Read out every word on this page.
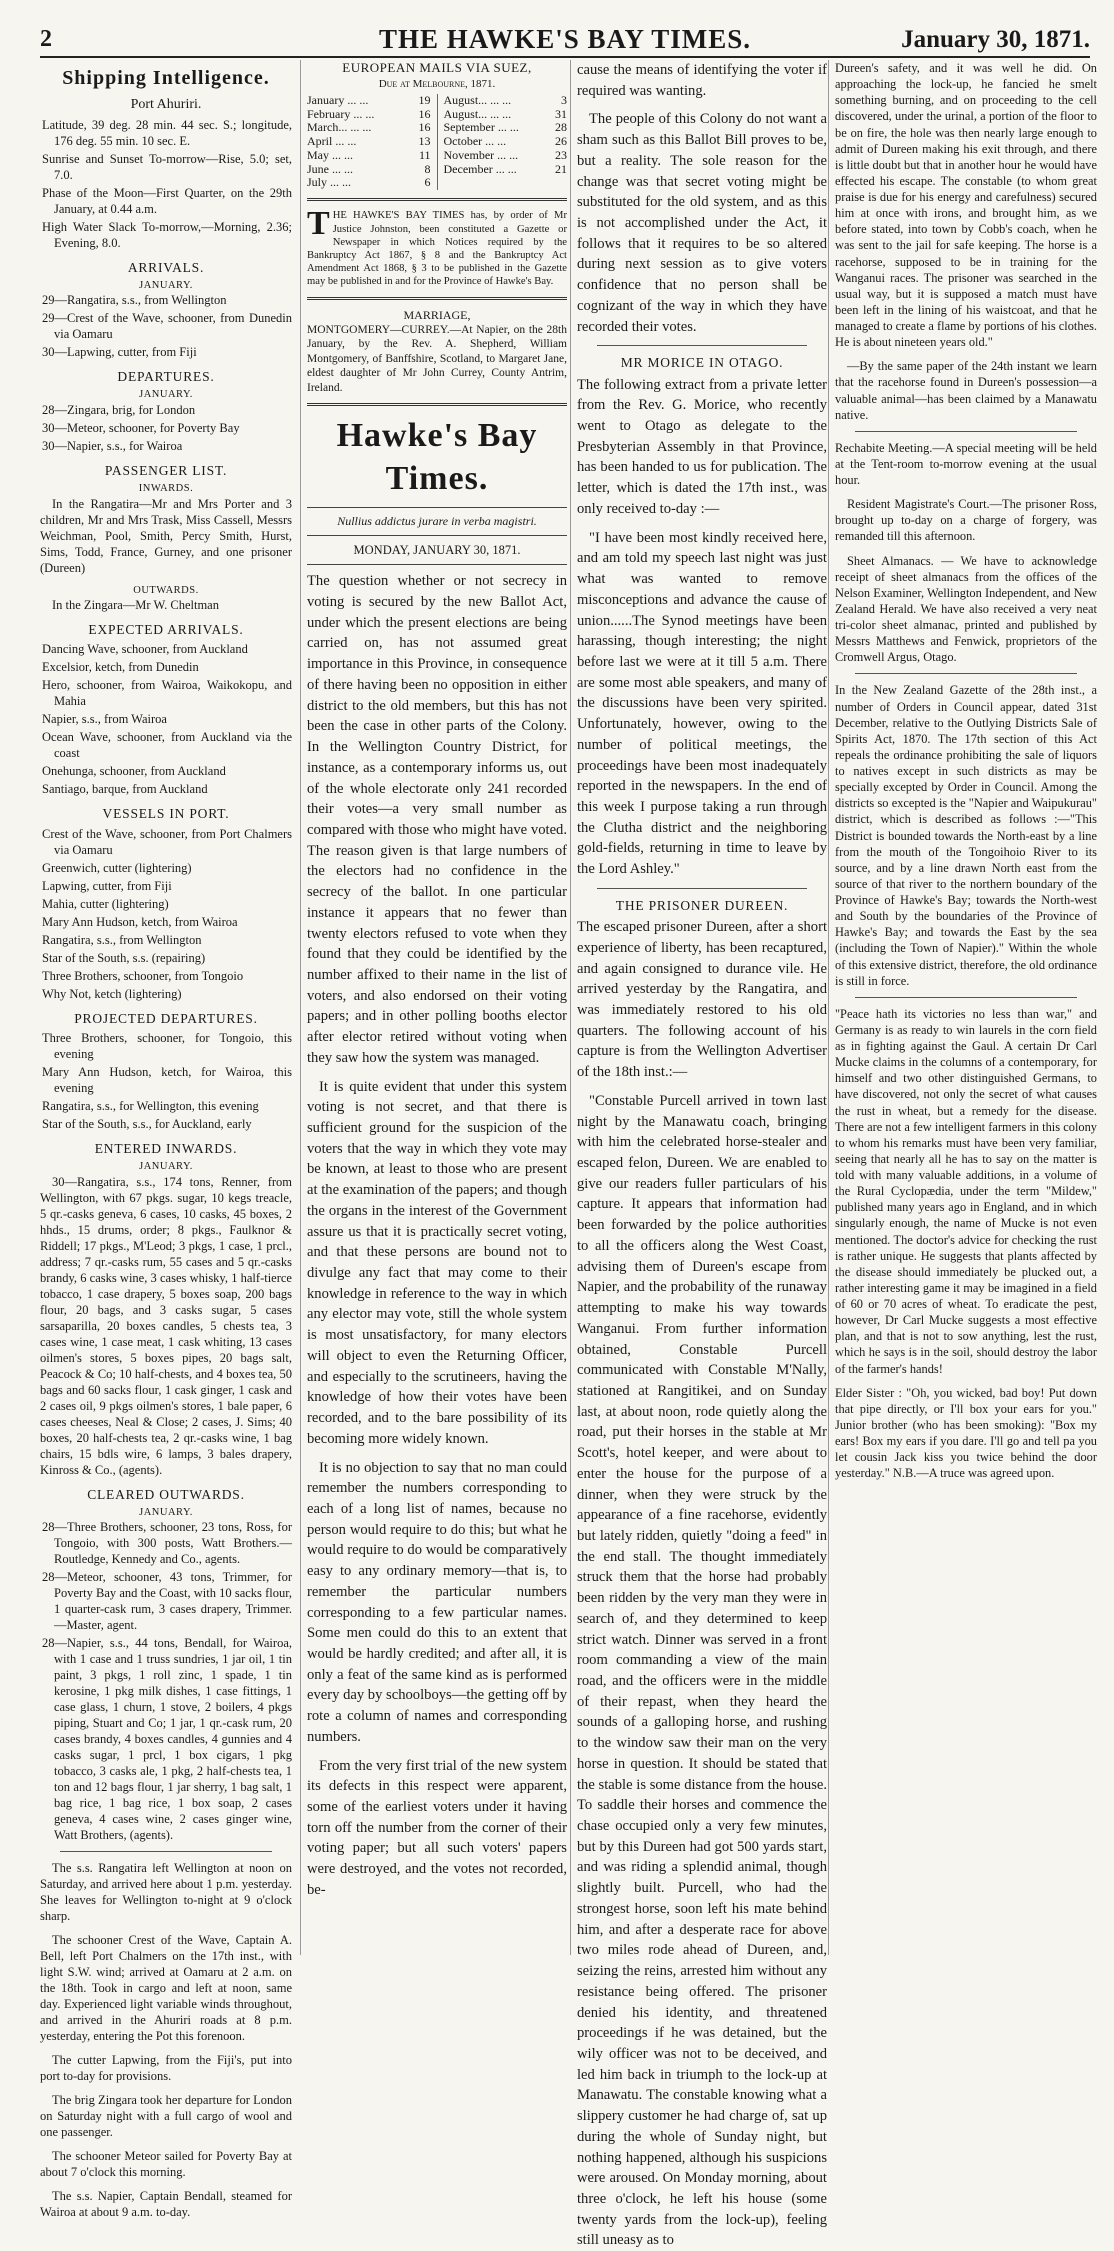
2	THE HAWKE'S BAY TIMES.	January 30, 1871.
Shipping Intelligence.
Port Ahuriri.
Latitude, 39 deg. 28 min. 44 sec. S.; longitude, 176 deg. 55 min. 10 sec. E.
Sunrise and Sunset To-morrow—Rise, 5.0; set, 7.0.
Phase of the Moon—First Quarter, on the 29th January, at 0.44 a.m.
High Water Slack To-morrow,—Morning, 2.36; Evening, 8.0.
ARRIVALS.
JANUARY.
29—Rangatira, s.s., from Wellington
29—Crest of the Wave, schooner, from Dunedin via Oamaru
30—Lapwing, cutter, from Fiji
DEPARTURES.
JANUARY.
28—Zingara, brig, for London
30—Meteor, schooner, for Poverty Bay
30—Napier, s.s., for Wairoa
PASSENGER LIST.
INWARDS.

In the Rangatira—Mr and Mrs Porter and 3 children, Mr and Mrs Trask, Miss Cassell, Messrs Weichman, Pool, Smith, Percy Smith, Hurst, Sims, Todd, France, Gurney, and one prisoner (Dureen)

OUTWARDS.

In the Zingara—Mr W. Cheltman

EXPECTED ARRIVALS.
Dancing Wave, schooner, from Auckland
Excelsior, ketch, from Dunedin
Hero, schooner, from Wairoa, Waikokopu, and Mahia
Napier, s.s., from Wairoa
Ocean Wave, schooner, from Auckland via the coast
Onehunga, schooner, from Auckland
Santiago, barque, from Auckland
VESSELS IN PORT.
Crest of the Wave, schooner, from Port Chalmers via Oamaru
Greenwich, cutter (lightering)
Lapwing, cutter, from Fiji
Mahia, cutter (lightering)
Mary Ann Hudson, ketch, from Wairoa
Rangatira, s.s., from Wellington
Star of the South, s.s. (repairing)
Three Brothers, schooner, from Tongoio
Why Not, ketch (lightering)
PROJECTED DEPARTURES.
Three Brothers, schooner, for Tongoio, this evening
Mary Ann Hudson, ketch, for Wairoa, this evening
Rangatira, s.s., for Wellington, this evening
Star of the South, s.s., for Auckland, early
ENTERED INWARDS.
JANUARY.

30—Rangatira, s.s., 174 tons, Renner, from Wellington, with 67 pkgs. sugar, 10 kegs treacle, 5 qr.-casks geneva, 6 cases, 10 casks, 45 boxes, 2 hhds., 15 drums, order; 8 pkgs., Faulknor & Riddell; 17 pkgs., M'Leod; 3 pkgs, 1 case, 1 prcl., address; 7 qr.-casks rum, 55 cases and 5 qr.-casks brandy, 6 casks wine, 3 cases whisky, 1 half-tierce tobacco, 1 case drapery, 5 boxes soap, 200 bags flour, 20 bags, and 3 casks sugar, 5 cases sarsaparilla, 20 boxes candles, 5 chests tea, 3 cases wine, 1 case meat, 1 cask whiting, 13 cases oilmen's stores, 5 boxes pipes, 20 bags salt, Peacock & Co; 10 half-chests, and 4 boxes tea, 50 bags and 60 sacks flour, 1 cask ginger, 1 cask and 2 cases oil, 9 pkgs oilmen's stores, 1 bale paper, 6 cases cheeses, Neal & Close; 2 cases, J. Sims; 40 boxes, 20 half-chests tea, 2 qr.-casks wine, 1 bag chairs, 15 bdls wire, 6 lamps, 3 bales drapery, Kinross & Co., (agents).

CLEARED OUTWARDS.
JANUARY.
28—Three Brothers, schooner, 23 tons, Ross, for Tongoio, with 300 posts, Watt Brothers.—Routledge, Kennedy and Co., agents.
28—Meteor, schooner, 43 tons, Trimmer, for Poverty Bay and the Coast, with 10 sacks flour, 1 quarter-cask rum, 3 cases drapery, Trimmer.—Master, agent.
28—Napier, s.s., 44 tons, Bendall, for Wairoa, with 1 case and 1 truss sundries, 1 jar oil, 1 tin paint, 3 pkgs, 1 roll zinc, 1 spade, 1 tin kerosine, 1 pkg milk dishes, 1 case fittings, 1 case glass, 1 churn, 1 stove, 2 boilers, 4 pkgs piping, Stuart and Co; 1 jar, 1 qr.-cask rum, 20 cases brandy, 4 boxes candles, 4 gunnies and 4 casks sugar, 1 prcl, 1 box cigars, 1 pkg tobacco, 3 casks ale, 1 pkg, 2 half-chests tea, 1 ton and 12 bags flour, 1 jar sherry, 1 bag salt, 1 bag rice, 1 bag rice, 1 box soap, 2 cases geneva, 4 cases wine, 2 cases ginger wine, Watt Brothers, (agents).

The s.s. Rangatira left Wellington at noon on Saturday, and arrived here about 1 p.m. yesterday. She leaves for Wellington to-night at 9 o'clock sharp.

The schooner Crest of the Wave, Captain A. Bell, left Port Chalmers on the 17th inst., with light S.W. wind; arrived at Oamaru at 2 a.m. on the 18th. Took in cargo and left at noon, same day. Experienced light variable winds throughout, and arrived in the Ahuriri roads at 8 p.m. yesterday, entering the Pot this forenoon.

The cutter Lapwing, from the Fiji's, put into port to-day for provisions.

The brig Zingara took her departure for London on Saturday night with a full cargo of wool and one passenger.

The schooner Meteor sailed for Poverty Bay at about 7 o'clock this morning.

The s.s. Napier, Captain Bendall, steamed for Wairoa at about 9 a.m. to-day.

EUROPEAN MAILS VIA SUEZ,
Due at Melbourne, 1871.
January ... ...	19
February ... ...	16
March... ... ...	16
April ... ...	13
May ... ...	11
June ... ...	8
July ... ...	6
August... ... ...	3
August... ... ...	31
September ... ...	28
October ... ...	26
November ... ...	23
December ... ...	21
T HE HAWKE'S BAY TIMES has, by order of Mr Justice Johnston, been constituted a Gazette or Newspaper in which Notices required by the Bankruptcy Act 1867, § 8 and the Bankruptcy Act Amendment Act 1868, § 3 to be published in the Gazette may be published in and for the Province of Hawke's Bay.
MARRIAGE,

MONTGOMERY—CURREY.—At Napier, on the 28th January, by the Rev. A. Shepherd, William Montgomery, of Banffshire, Scotland, to Margaret Jane, eldest daughter of Mr John Currey, County Antrim, Ireland.

Hawke's Bay Times.
Nullius addictus jurare in verba magistri.
MONDAY, JANUARY 30, 1871.

The question whether or not secrecy in voting is secured by the new Ballot Act, under which the present elections are being carried on, has not assumed great importance in this Province, in consequence of there having been no opposition in either district to the old members, but this has not been the case in other parts of the Colony. In the Wellington Country District, for instance, as a contemporary informs us, out of the whole electorate only 241 recorded their votes—a very small number as compared with those who might have voted. The reason given is that large numbers of the electors had no confidence in the secrecy of the ballot. In one particular instance it appears that no fewer than twenty electors refused to vote when they found that they could be identified by the number affixed to their name in the list of voters, and also endorsed on their voting papers; and in other polling booths elector after elector retired without voting when they saw how the system was managed.

It is quite evident that under this system voting is not secret, and that there is sufficient ground for the suspicion of the voters that the way in which they vote may be known, at least to those who are present at the examination of the papers; and though the organs in the interest of the Government assure us that it is practically secret voting, and that these persons are bound not to divulge any fact that may come to their knowledge in reference to the way in which any elector may vote, still the whole system is most unsatisfactory, for many electors will object to even the Returning Officer, and especially to the scrutineers, having the knowledge of how their votes have been recorded, and to the bare possibility of its becoming more widely known.

It is no objection to say that no man could remember the numbers corresponding to each of a long list of names, because no person would require to do this; but what he would require to do would be comparatively easy to any ordinary memory—that is, to remember the particular numbers corresponding to a few particular names. Some men could do this to an extent that would be hardly credited; and after all, it is only a feat of the same kind as is performed every day by schoolboys—the getting off by rote a column of names and corresponding numbers.

From the very first trial of the new system its defects in this respect were apparent, some of the earliest voters under it having torn off the number from the corner of their voting paper; but all such voters' papers were destroyed, and the votes not recorded, be-

cause the means of identifying the voter if required was wanting.

The people of this Colony do not want a sham such as this Ballot Bill proves to be, but a reality. The sole reason for the change was that secret voting might be substituted for the old system, and as this is not accomplished under the Act, it follows that it requires to be so altered during next session as to give voters confidence that no person shall be cognizant of the way in which they have recorded their votes.

MR MORICE IN OTAGO.

The following extract from a private letter from the Rev. G. Morice, who recently went to Otago as delegate to the Presbyterian Assembly in that Province, has been handed to us for publication. The letter, which is dated the 17th inst., was only received to-day :—

"I have been most kindly received here, and am told my speech last night was just what was wanted to remove misconceptions and advance the cause of union......The Synod meetings have been harassing, though interesting; the night before last we were at it till 5 a.m. There are some most able speakers, and many of the discussions have been very spirited. Unfortunately, however, owing to the number of political meetings, the proceedings have been most inadequately reported in the newspapers. In the end of this week I purpose taking a run through the Clutha district and the neighboring gold-fields, returning in time to leave by the Lord Ashley."

THE PRISONER DUREEN.

The escaped prisoner Dureen, after a short experience of liberty, has been recaptured, and again consigned to durance vile. He arrived yesterday by the Rangatira, and was immediately restored to his old quarters. The following account of his capture is from the Wellington Advertiser of the 18th inst.:—

"Constable Purcell arrived in town last night by the Manawatu coach, bringing with him the celebrated horse-stealer and escaped felon, Dureen. We are enabled to give our readers fuller particulars of his capture. It appears that information had been forwarded by the police authorities to all the officers along the West Coast, advising them of Dureen's escape from Napier, and the probability of the runaway attempting to make his way towards Wanganui. From further information obtained, Constable Purcell communicated with Constable M'Nally, stationed at Rangitikei, and on Sunday last, at about noon, rode quietly along the road, put their horses in the stable at Mr Scott's, hotel keeper, and were about to enter the house for the purpose of a dinner, when they were struck by the appearance of a fine racehorse, evidently but lately ridden, quietly "doing a feed" in the end stall. The thought immediately struck them that the horse had probably been ridden by the very man they were in search of, and they determined to keep strict watch. Dinner was served in a front room commanding a view of the main road, and the officers were in the middle of their repast, when they heard the sounds of a galloping horse, and rushing to the window saw their man on the very horse in question. It should be stated that the stable is some distance from the house. To saddle their horses and commence the chase occupied only a very few minutes, but by this Dureen had got 500 yards start, and was riding a splendid animal, though slightly built. Purcell, who had the strongest horse, soon left his mate behind him, and after a desperate race for above two miles rode ahead of Dureen, and, seizing the reins, arrested him without any resistance being offered. The prisoner denied his identity, and threatened proceedings if he was detained, but the wily officer was not to be deceived, and led him back in triumph to the lock-up at Manawatu. The constable knowing what a slippery customer he had charge of, sat up during the whole of Sunday night, but nothing happened, although his suspicions were aroused. On Monday morning, about three o'clock, he left his house (some twenty yards from the lock-up), feeling still uneasy as to

Dureen's safety, and it was well he did. On approaching the lock-up, he fancied he smelt something burning, and on proceeding to the cell discovered, under the urinal, a portion of the floor to be on fire, the hole was then nearly large enough to admit of Dureen making his exit through, and there is little doubt but that in another hour he would have effected his escape. The constable (to whom great praise is due for his energy and carefulness) secured him at once with irons, and brought him, as we before stated, into town by Cobb's coach, when he was sent to the jail for safe keeping. The horse is a racehorse, supposed to be in training for the Wanganui races. The prisoner was searched in the usual way, but it is supposed a match must have been left in the lining of his waistcoat, and that he managed to create a flame by portions of his clothes. He is about nineteen years old."

—By the same paper of the 24th instant we learn that the racehorse found in Dureen's possession—a valuable animal—has been claimed by a Manawatu native.

Rechabite Meeting.—A special meeting will be held at the Tent-room to-morrow evening at the usual hour.

Resident Magistrate's Court.—The prisoner Ross, brought up to-day on a charge of forgery, was remanded till this afternoon.

Sheet Almanacs. — We have to acknowledge receipt of sheet almanacs from the offices of the Nelson Examiner, Wellington Independent, and New Zealand Herald. We have also received a very neat tri-color sheet almanac, printed and published by Messrs Matthews and Fenwick, proprietors of the Cromwell Argus, Otago.

In the New Zealand Gazette of the 28th inst., a number of Orders in Council appear, dated 31st December, relative to the Outlying Districts Sale of Spirits Act, 1870. The 17th section of this Act repeals the ordinance prohibiting the sale of liquors to natives except in such districts as may be specially excepted by Order in Council. Among the districts so excepted is the "Napier and Waipukurau" district, which is described as follows :—"This District is bounded towards the North-east by a line from the mouth of the Tongoihoio River to its source, and by a line drawn North east from the source of that river to the northern boundary of the Province of Hawke's Bay; towards the North-west and South by the boundaries of the Province of Hawke's Bay; and towards the East by the sea (including the Town of Napier)." Within the whole of this extensive district, therefore, the old ordinance is still in force.

"Peace hath its victories no less than war," and Germany is as ready to win laurels in the corn field as in fighting against the Gaul. A certain Dr Carl Mucke claims in the columns of a contemporary, for himself and two other distinguished Germans, to have discovered, not only the secret of what causes the rust in wheat, but a remedy for the disease. There are not a few intelligent farmers in this colony to whom his remarks must have been very familiar, seeing that nearly all he has to say on the matter is told with many valuable additions, in a volume of the Rural Cyclopædia, under the term "Mildew," published many years ago in England, and in which singularly enough, the name of Mucke is not even mentioned. The doctor's advice for checking the rust is rather unique. He suggests that plants affected by the disease should immediately be plucked out, a rather interesting game it may be imagined in a field of 60 or 70 acres of wheat. To eradicate the pest, however, Dr Carl Mucke suggests a most effective plan, and that is not to sow anything, lest the rust, which he says is in the soil, should destroy the labor of the farmer's hands!

Elder Sister : "Oh, you wicked, bad boy! Put down that pipe directly, or I'll box your ears for you." Junior brother (who has been smoking): "Box my ears! Box my ears if you dare. I'll go and tell pa you let cousin Jack kiss you twice behind the door yesterday." N.B.—A truce was agreed upon.
